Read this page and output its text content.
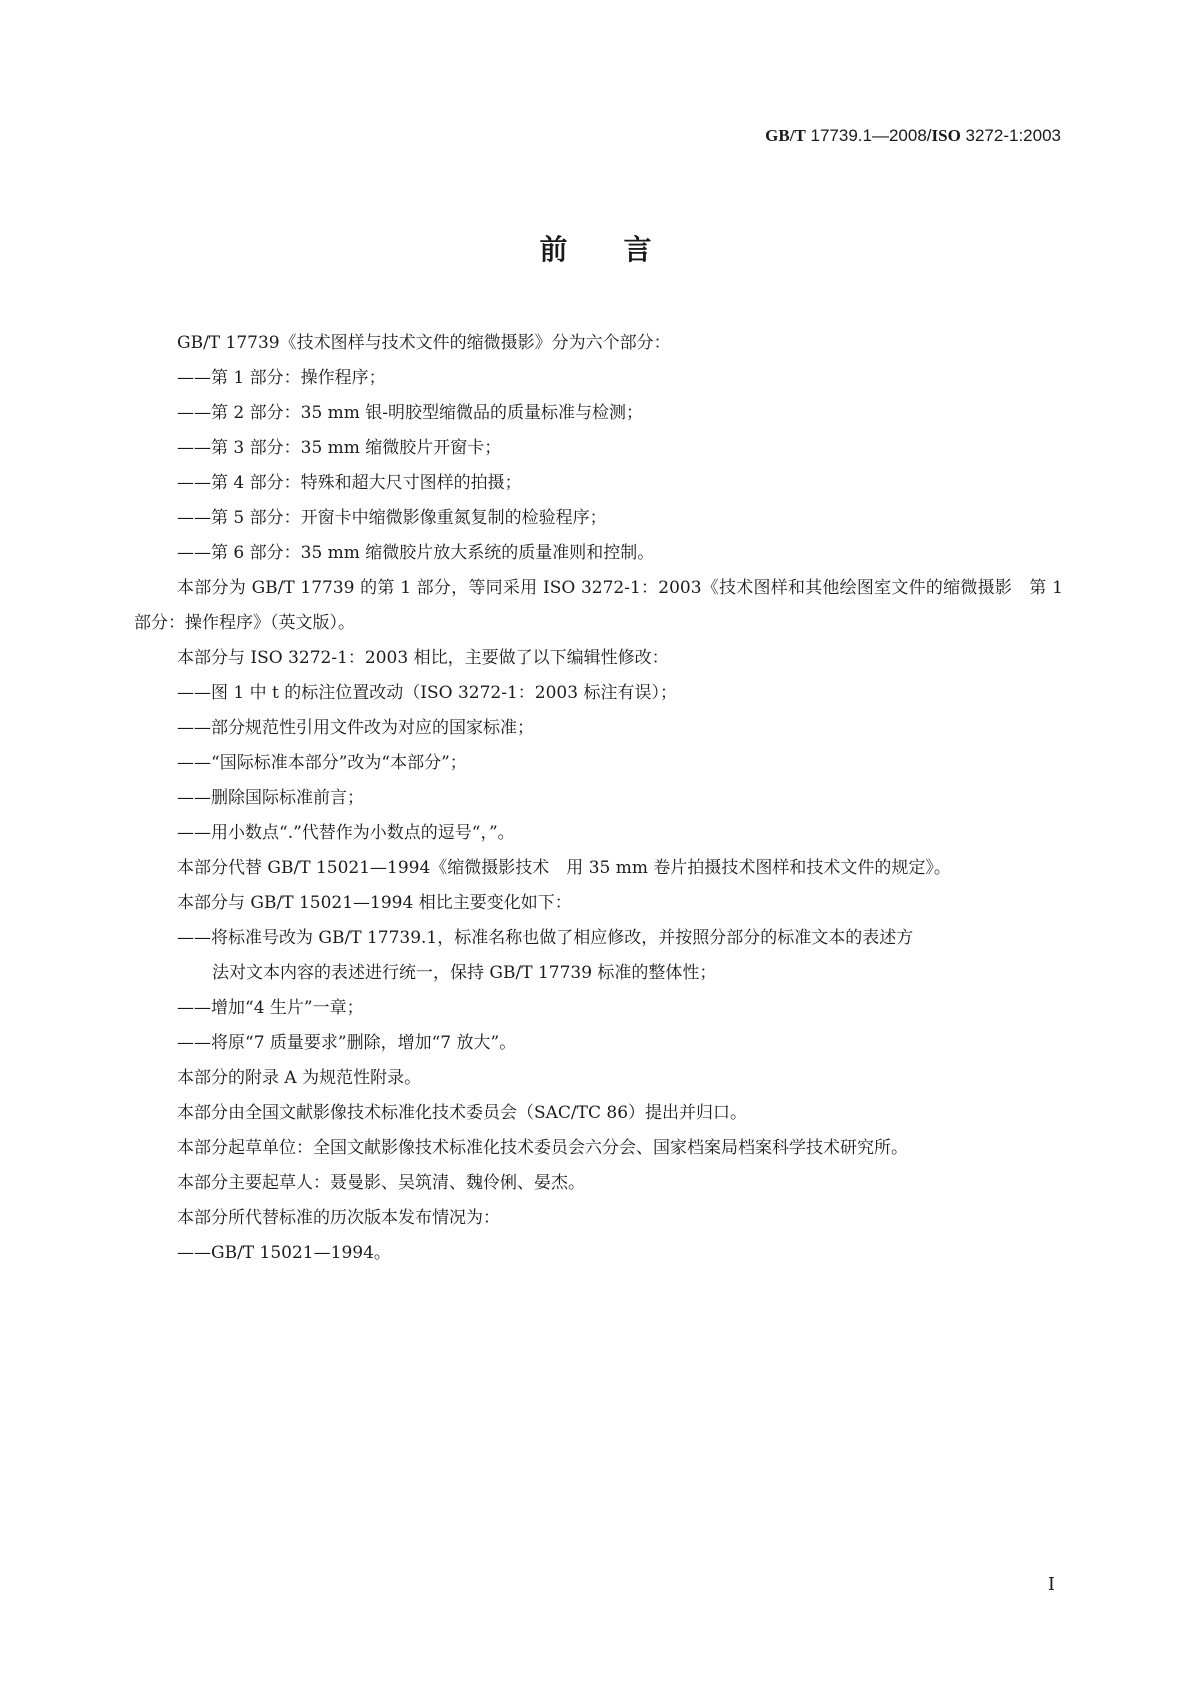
GB/T 17739.1—2008/ISO 3272-1:2003
前言
GB/T 17739《技术图样与技术文件的缩微摄影》分为六个部分：
——第 1 部分：操作程序；
——第 2 部分：35 mm 银-明胶型缩微品的质量标准与检测；
——第 3 部分：35 mm 缩微胶片开窗卡；
——第 4 部分：特殊和超大尺寸图样的拍摄；
——第 5 部分：开窗卡中缩微影像重氮复制的检验程序；
——第 6 部分：35 mm 缩微胶片放大系统的质量准则和控制。
本部分为 GB/T 17739 的第 1 部分，等同采用 ISO 3272-1：2003《技术图样和其他绘图室文件的缩微摄影　第 1 部分：操作程序》（英文版）。
本部分与 ISO 3272-1：2003 相比，主要做了以下编辑性修改：
——图 1 中 t 的标注位置改动（ISO 3272-1：2003 标注有误）；
——部分规范性引用文件改为对应的国家标准；
——“国际标准本部分”改为“本部分”；
——删除国际标准前言；
——用小数点“.”代替作为小数点的逗号“，”。
本部分代替 GB/T 15021—1994《缩微摄影技术　用 35 mm 卷片拍摄技术图样和技术文件的规定》。
本部分与 GB/T 15021—1994 相比主要变化如下：
——将标准号改为 GB/T 17739.1，标准名称也做了相应修改，并按照分部分的标准文本的表述方
法对文本内容的表述进行统一，保持 GB/T 17739 标准的整体性；
——增加“4 生片”一章；
——将原“7 质量要求”删除，增加“7 放大”。
本部分的附录 A 为规范性附录。
本部分由全国文献影像技术标准化技术委员会（SAC/TC 86）提出并归口。
本部分起草单位：全国文献影像技术标准化技术委员会六分会、国家档案局档案科学技术研究所。
本部分主要起草人：聂曼影、吴筑清、魏伶俐、晏杰。
本部分所代替标准的历次版本发布情况为：
——GB/T 15021—1994。
I
